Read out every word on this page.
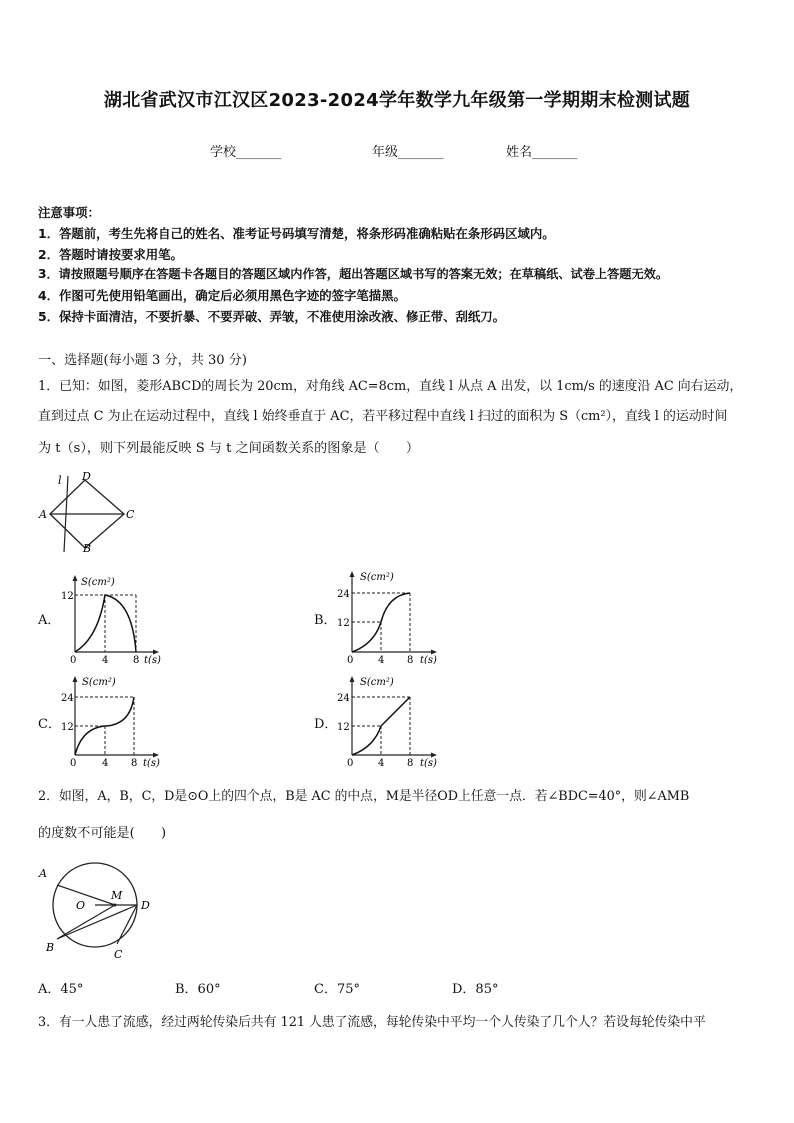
湖北省武汉市江汉区2023-2024学年数学九年级第一学期期末检测试题
学校_______	年级_______	姓名_______
注意事项：
1．答题前，考生先将自己的姓名、准考证号码填写清楚，将条形码准确粘贴在条形码区域内。
2．答题时请按要求用笔。
3．请按照题号顺序在答题卡各题目的答题区域内作答，超出答题区域书写的答案无效；在草稿纸、试卷上答题无效。
4．作图可先使用铅笔画出，确定后必须用黑色字迹的签字笔描黑。
5．保持卡面清洁，不要折暴、不要弄破、弄皱，不准使用涂改液、修正带、刮纸刀。
一、选择题(每小题 3 分，共 30 分)
1．已知：如图，菱形ABCD的周长为 20cm，对角线 AC=8cm，直线 l 从点 A 出发，以 1cm/s 的速度沿 AC 向右运动，
直到过点 C 为止在运动过程中，直线 l 始终垂直于 AC，若平移过程中直线 l 扫过的面积为 S（cm²），直线 l 的运动时间
为 t（s），则下列最能反映 S 与 t 之间函数关系的图象是（　　）
l D
A	C
B
A．
S(cm²)
12
0	4 8 t(s)
B．
S(cm²)
24
12
0 4 8 t(s)
C．
S(cm²)
24
12
0	4 8 t(s)
D．
S(cm²)
24
12
0 4 8 t(s)
2．如图，A，B，C，D是⊙O上的四个点，B是 AC 的中点，M是半径OD上任意一点．若∠BDC=40°，则∠AMB
的度数不可能是(　　)
A
O
M
D
B
C
A．45°	B．60°	C．75°	D．85°
3．有一人患了流感，经过两轮传染后共有 121 人患了流感，每轮传染中平均一个人传染了几个人？若设每轮传染中平
